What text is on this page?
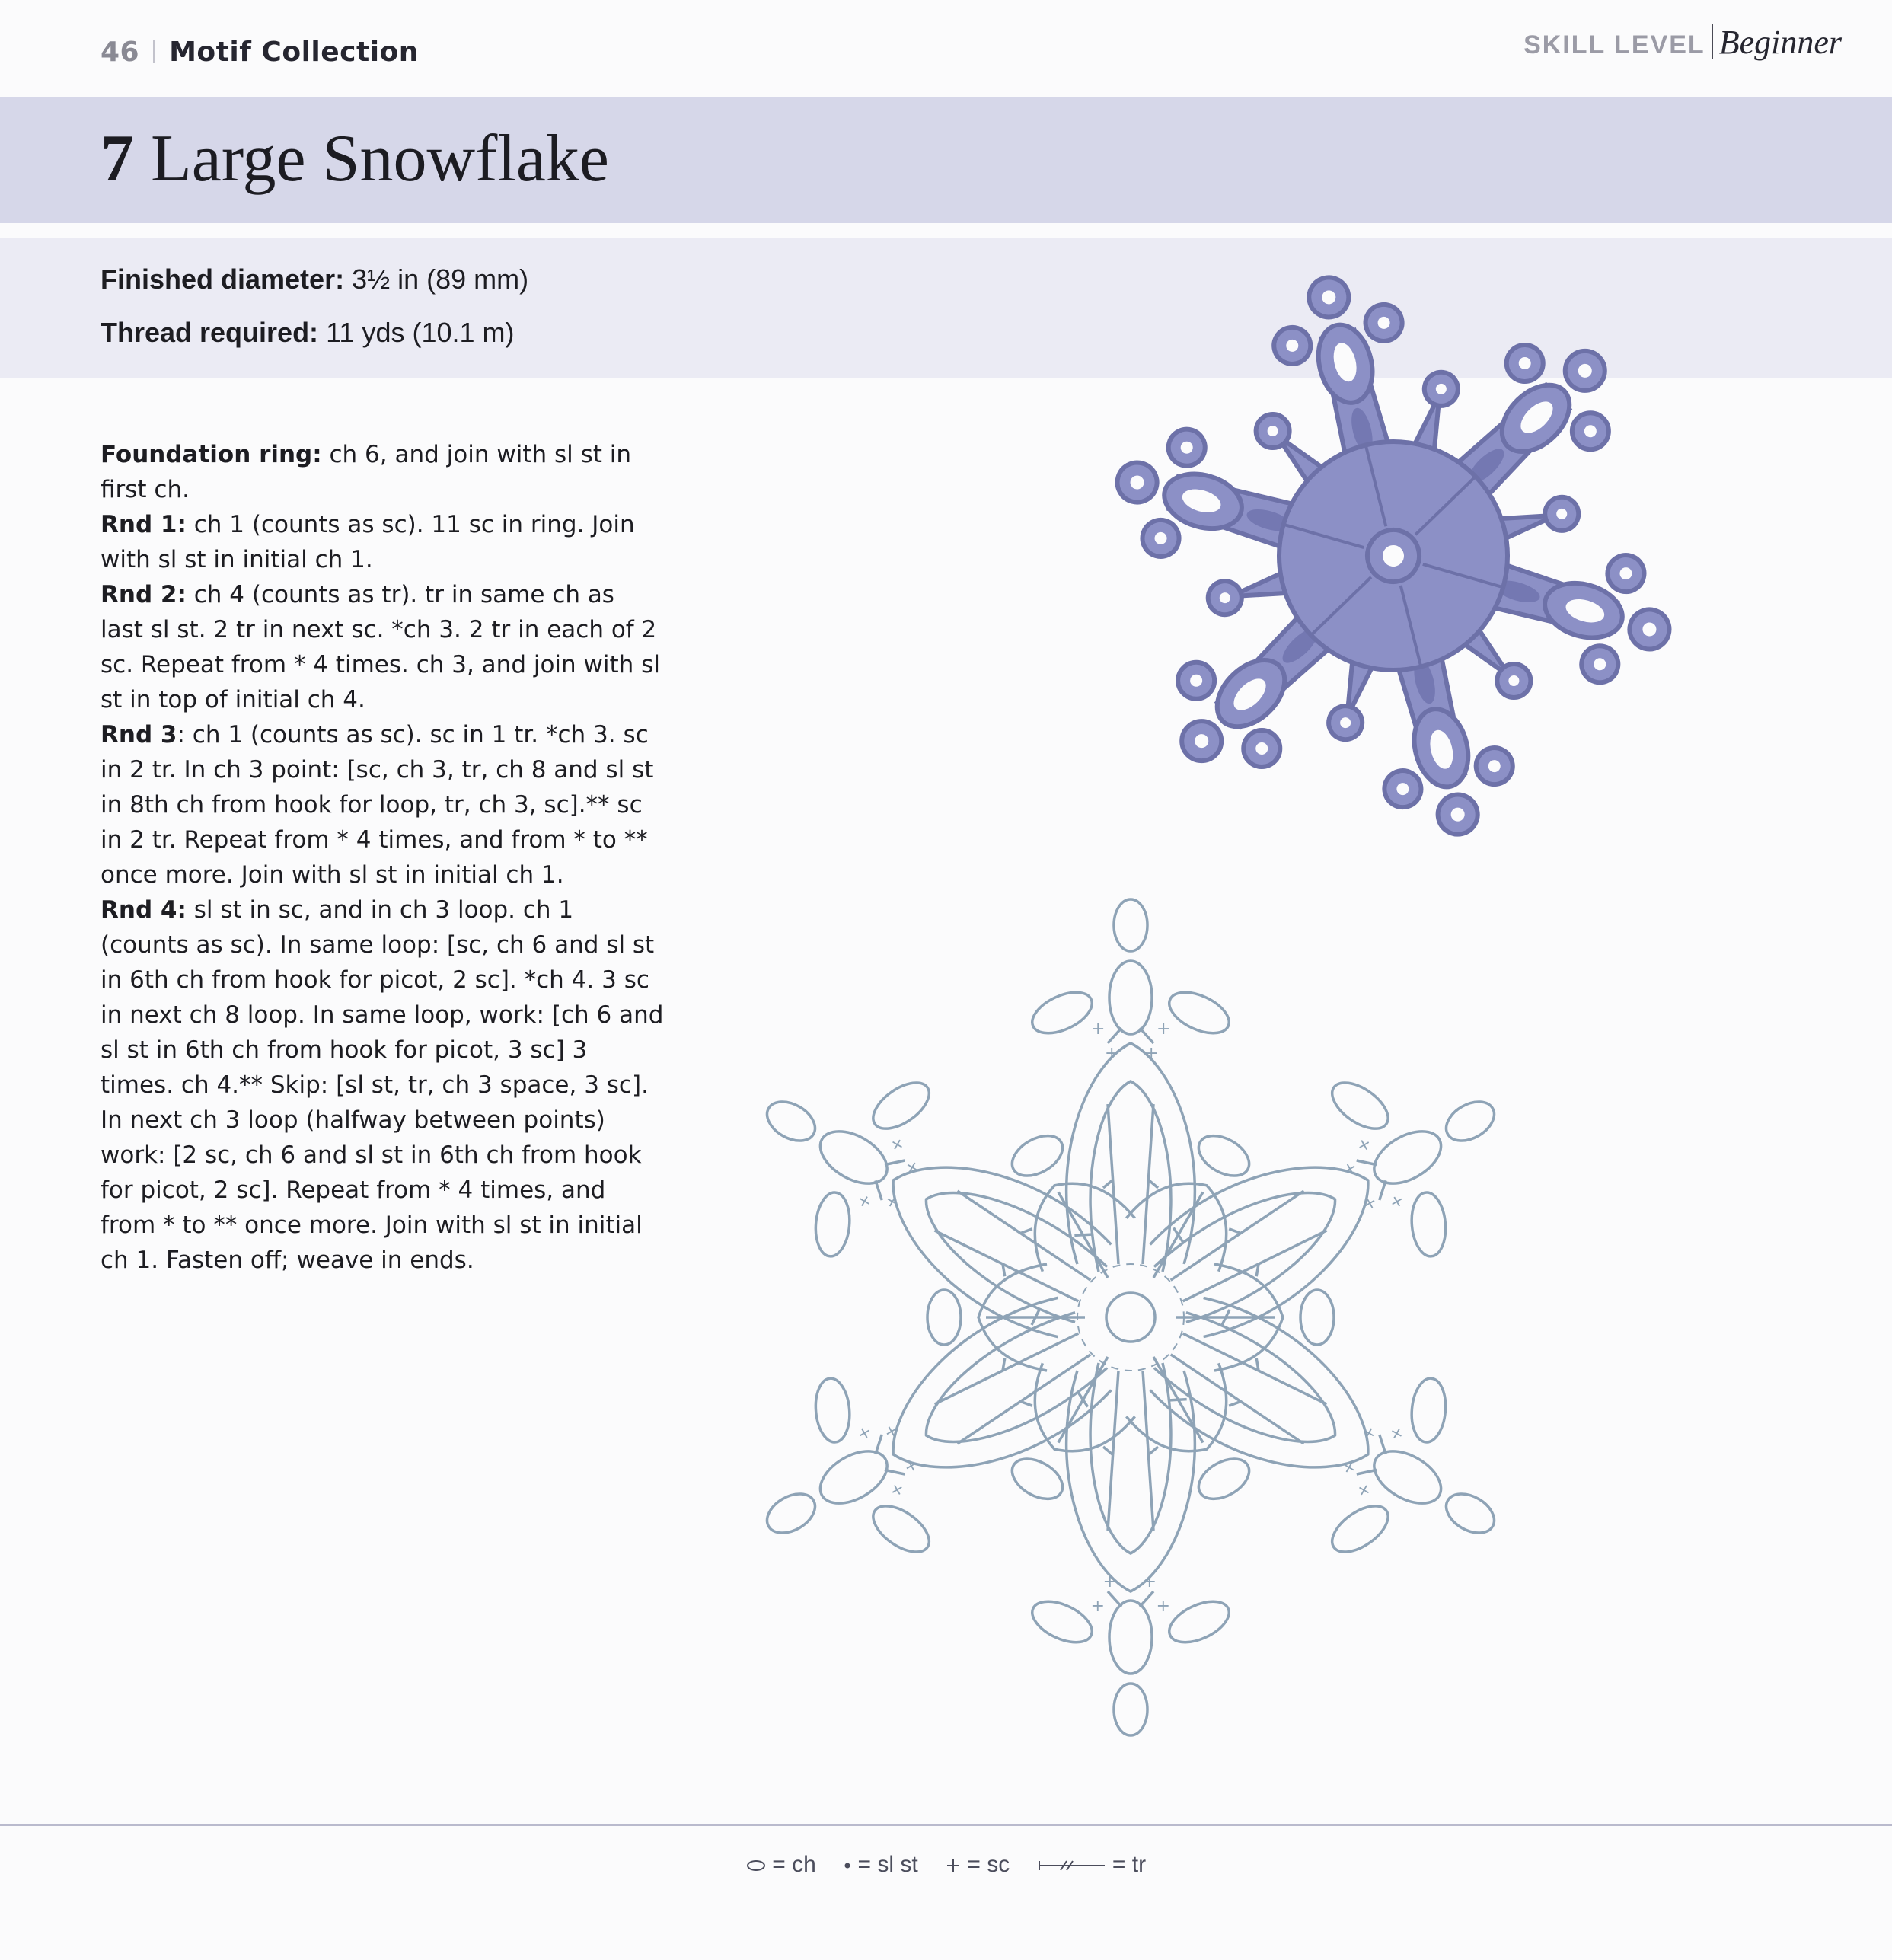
46 Motif Collection	SKILL LEVEL Beginner
7 Large Snowflake
Finished diameter: 3½ in (89 mm)
Thread required: 11 yds (10.1 m)

Foundation ring: ch 6, and join with sl st in first ch.

Rnd 1: ch 1 (counts as sc). 11 sc in ring. Join with sl st in initial ch 1.

Rnd 2: ch 4 (counts as tr). tr in same ch as last sl st. 2 tr in next sc. *ch 3. 2 tr in each of 2 sc. Repeat from * 4 times. ch 3, and join with sl st in top of initial ch 4.

Rnd 3: ch 1 (counts as sc). sc in 1 tr. *ch 3. sc in 2 tr. In ch 3 point: [sc, ch 3, tr, ch 8 and sl st in 8th ch from hook for loop, tr, ch 3, sc].** sc in 2 tr. Repeat from * 4 times, and from * to ** once more. Join with sl st in initial ch 1.

Rnd 4: sl st in sc, and in ch 3 loop. ch 1 (counts as sc). In same loop: [sc, ch 6 and sl st in 6th ch from hook for picot, 2 sc]. *ch 4. 3 sc in next ch 8 loop. In same loop, work: [ch 6 and sl st in 6th ch from hook for picot, 3 sc] 3 times. ch 4.** Skip: [sl st, tr, ch 3 space, 3 sc]. In next ch 3 loop (halfway between points) work: [2 sc, ch 6 and sl st in 6th ch from hook for picot, 2 sc]. Repeat from * 4 times, and from * to ** once more. Join with sl st in initial ch 1. Fasten off; weave in ends.

= ch = sl st = sc	= tr
